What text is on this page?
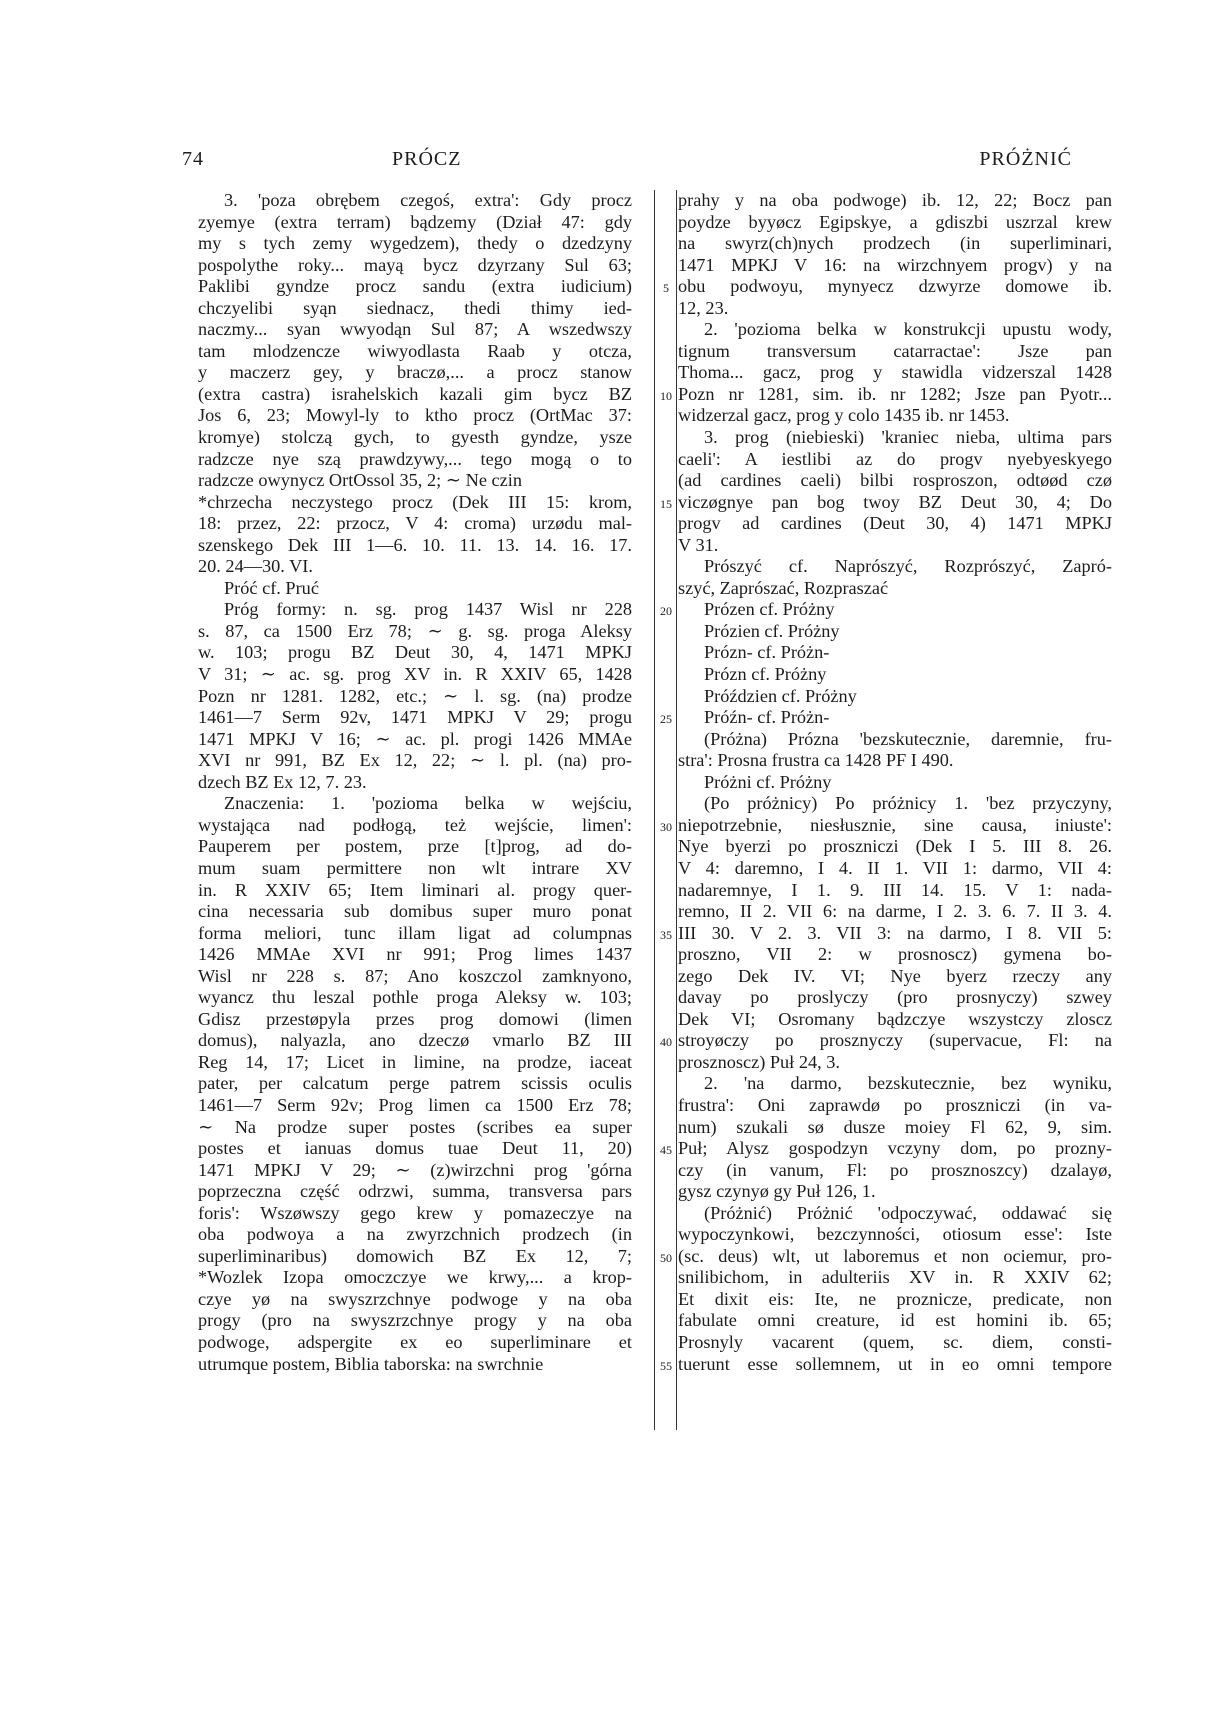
74	PRÓCZ	PRÓŻNIĆ
3. 'poza obrębem czegoś, extra': Gdy procz
zyemye (extra terram) bądzemy (Dział 47: gdy
my s tych zemy wygedzem), thedy o dzedzyny
pospolythe roky... mayą bycz dzyrzany Sul 63;
Paklibi gyndze procz sandu (extra iudicium)
chczyelibi syąn siednacz, thedi thimy ied-
naczmy... syan wwyodąn Sul 87; A wszedwszy
tam mlodzencze wiwyodlasta Raab y otcza,
y maczerz gey, y braczø,... a procz stanow
(extra castra) israhelskich kazali gim bycz BZ
Jos 6, 23; Mowyl-ly to ktho procz (OrtMac 37:
kromye) stolczą gych, to gyesth gyndze, ysze
radzcze nye szą prawdzywy,... tego mogą o to
radzcze owynycz OrtOssol 35, 2; ∼ Ne czin
*chrzecha neczystego procz (Dek III 15: krom,
18: przez, 22: przocz, V 4: croma) urzødu mal-
szenskego Dek III 1—6. 10. 11. 13. 14. 16. 17.
20. 24—30. VI.
Próć cf. Pruć
Próg formy: n. sg. prog 1437 Wisl nr 228
s. 87, ca 1500 Erz 78; ∼ g. sg. proga Aleksy
w. 103; progu BZ Deut 30, 4, 1471 MPKJ
V 31; ∼ ac. sg. prog XV in. R XXIV 65, 1428
Pozn nr 1281. 1282, etc.; ∼ l. sg. (na) prodze
1461—7 Serm 92v, 1471 MPKJ V 29; progu
1471 MPKJ V 16; ∼ ac. pl. progi 1426 MMAe
XVI nr 991, BZ Ex 12, 22; ∼ l. pl. (na) pro-
dzech BZ Ex 12, 7. 23.
Znaczenia: 1. 'pozioma belka w wejściu,
wystająca nad podłogą, też wejście, limen':
Pauperem per postem, prze [t]prog, ad do-
mum suam permittere non wlt intrare XV
in. R XXIV 65; Item liminari al. progy quer-
cina necessaria sub domibus super muro ponat
forma meliori, tunc illam ligat ad columpnas
1426 MMAe XVI nr 991; Prog limes 1437
Wisl nr 228 s. 87; Ano koszczol zamknyono,
wyancz thu leszal pothle proga Aleksy w. 103;
Gdisz przestøpyla przes prog domowi (limen
domus), nalyazla, ano dzeczø vmarlo BZ III
Reg 14, 17; Licet in limine, na prodze, iaceat
pater, per calcatum perge patrem scissis oculis
1461—7 Serm 92v; Prog limen ca 1500 Erz 78;
∼ Na prodze super postes (scribes ea super
postes et ianuas domus tuae Deut 11, 20)
1471 MPKJ V 29; ∼ (z)wirzchni prog 'górna
poprzeczna część odrzwi, summa, transversa pars
foris': Wszøwszy gego krew y pomazeczye na
oba podwoya a na zwyrzchnich prodzech (in
superliminaribus) domowich BZ Ex 12, 7;
*Wozlek Izopa omoczczye we krwy,... a krop-
czye yø na swyszrzchnye podwoge y na oba
progy (pro na swyszrzchnye progy y na oba
podwoge, adspergite ex eo superliminare et
utrumque postem, Biblia taborska: na swrchnie
5
10
15
20
25
30
35
40
45
50
55
prahy y na oba podwoge) ib. 12, 22; Bocz pan
poydze byyøcz Egipskye, a gdiszbi uszrzal krew
na swyrz(ch)nych prodzech (in superliminari,
1471 MPKJ V 16: na wirzchnyem progv) y na
obu podwoyu, mynyecz dzwyrze domowe ib.
12, 23.
2. 'pozioma belka w konstrukcji upustu wody,
tignum transversum catarractae': Jsze pan
Thoma... gacz, prog y stawidla vidzerszal 1428
Pozn nr 1281, sim. ib. nr 1282; Jsze pan Pyotr...
widzerzal gacz, prog y colo 1435 ib. nr 1453.
3. prog (niebieski) 'kraniec nieba, ultima pars
caeli': A iestlibi az do progv nyebyeskyego
(ad cardines caeli) bilbi rosproszon, odtøød czø
viczøgnye pan bog twoy BZ Deut 30, 4; Do
progv ad cardines (Deut 30, 4) 1471 MPKJ
V 31.
Prószyć cf. Naprószyć, Rozprószyć, Zapró-
szyć, Zaprószać, Rozpraszać
Prózen cf. Próżny
Prózien cf. Próżny
Prózn- cf. Próżn-
Prózn cf. Próżny
Próździen cf. Próżny
Próźn- cf. Próżn-
(Próżna) Prózna 'bezskutecznie, daremnie, fru-
stra': Prosna frustra ca 1428 PF I 490.
Próżni cf. Próżny
(Po próżnicy) Po próżnicy 1. 'bez przyczyny,
niepotrzebnie, niesłusznie, sine causa, iniuste':
Nye byerzi po proszniczi (Dek I 5. III 8. 26.
V 4: daremno, I 4. II 1. VII 1: darmo, VII 4:
nadaremnye, I 1. 9. III 14. 15. V 1: nada-
remno, II 2. VII 6: na darme, I 2. 3. 6. 7. II 3. 4.
III 30. V 2. 3. VII 3: na darmo, I 8. VII 5:
proszno, VII 2: w prosnoscz) gymena bo-
zego Dek IV. VI; Nye byerz rzeczy any
davay po proslyczy (pro prosnyczy) szwey
Dek VI; Osromany bądzczye wszystczy zloscz
stroyøczy po prosznyczy (supervacue, Fl: na
prosznoscz) Puł 24, 3.
2. 'na darmo, bezskutecznie, bez wyniku,
frustra': Oni zaprawdø po proszniczi (in va-
num) szukali sø dusze moiey Fl 62, 9, sim.
Puł; Alysz gospodzyn vczyny dom, po prozny-
czy (in vanum, Fl: po prosznoszcy) dzalayø,
gysz czynyø gy Puł 126, 1.
(Próżnić) Próżnić 'odpoczywać, oddawać się
wypoczynkowi, bezczynności, otiosum esse': Iste
(sc. deus) wlt, ut laboremus et non ociemur, pro-
snilibichom, in adulteriis XV in. R XXIV 62;
Et dixit eis: Ite, ne proznicze, predicate, non
fabulate omni creature, id est homini ib. 65;
Prosnyly vacarent (quem, sc. diem, consti-
tuerunt esse sollemnem, ut in eo omni tempore
